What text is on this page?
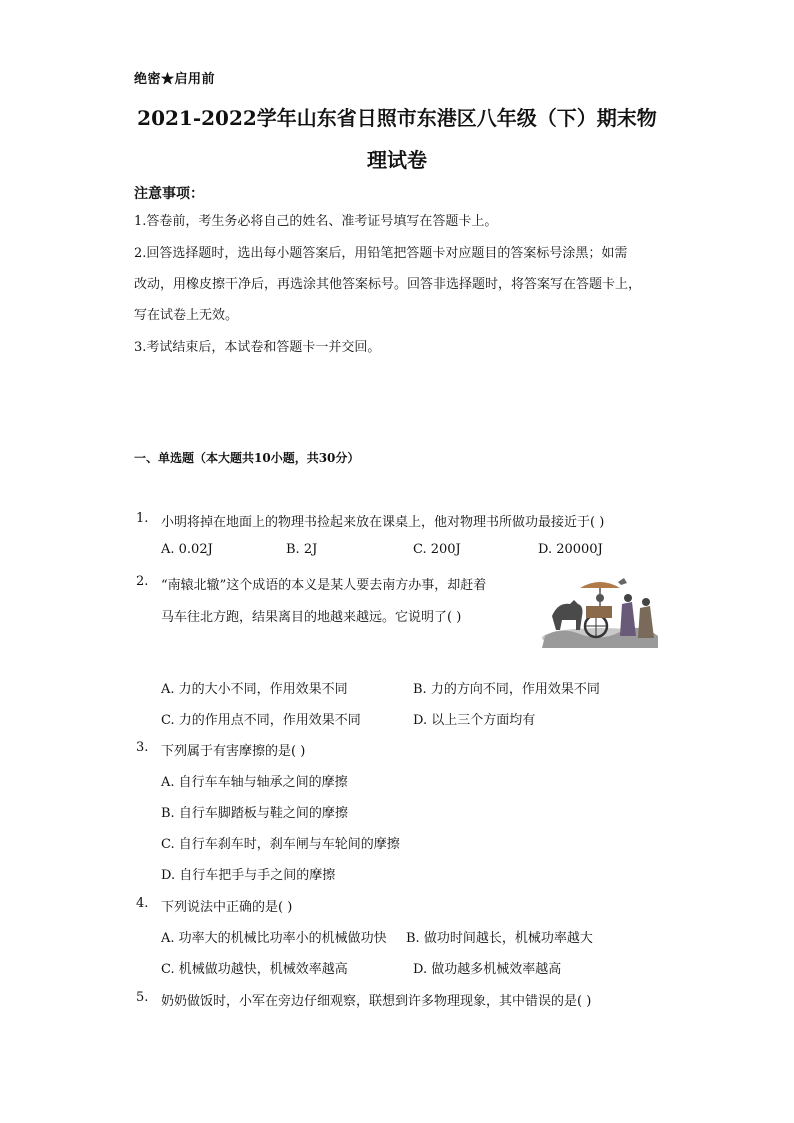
绝密★启用前
2021-2022学年山东省日照市东港区八年级（下）期末物
理试卷
注意事项：
1.答卷前，考生务必将自己的姓名、准考证号填写在答题卡上。
2.回答选择题时，选出每小题答案后，用铅笔把答题卡对应题目的答案标号涂黑；如需
改动，用橡皮擦干净后，再选涂其他答案标号。回答非选择题时，将答案写在答题卡上，
写在试卷上无效。
3.考试结束后，本试卷和答题卡一并交回。
一、单选题（本大题共10小题，共30分）
1. 小明将掉在地面上的物理书捡起来放在课桌上，他对物理书所做功最接近于( )
A. 0.02J	B. 2J	C. 200J	D. 20000J
2. “南辕北辙”这个成语的本义是某人要去南方办事，却赶着
马车往北方跑，结果离目的地越来越远。它说明了( )
A. 力的大小不同，作用效果不同	B. 力的方向不同，作用效果不同
C. 力的作用点不同，作用效果不同	D. 以上三个方面均有
3. 下列属于有害摩擦的是( )
A. 自行车车轴与轴承之间的摩擦
B. 自行车脚踏板与鞋之间的摩擦
C. 自行车刹车时，刹车闸与车轮间的摩擦
D. 自行车把手与手之间的摩擦
4. 下列说法中正确的是( )
A. 功率大的机械比功率小的机械做功快 B. 做功时间越长，机械功率越大
C. 机械做功越快，机械效率越高	D. 做功越多机械效率越高
5. 奶奶做饭时，小军在旁边仔细观察，联想到许多物理现象，其中错误的是( )
